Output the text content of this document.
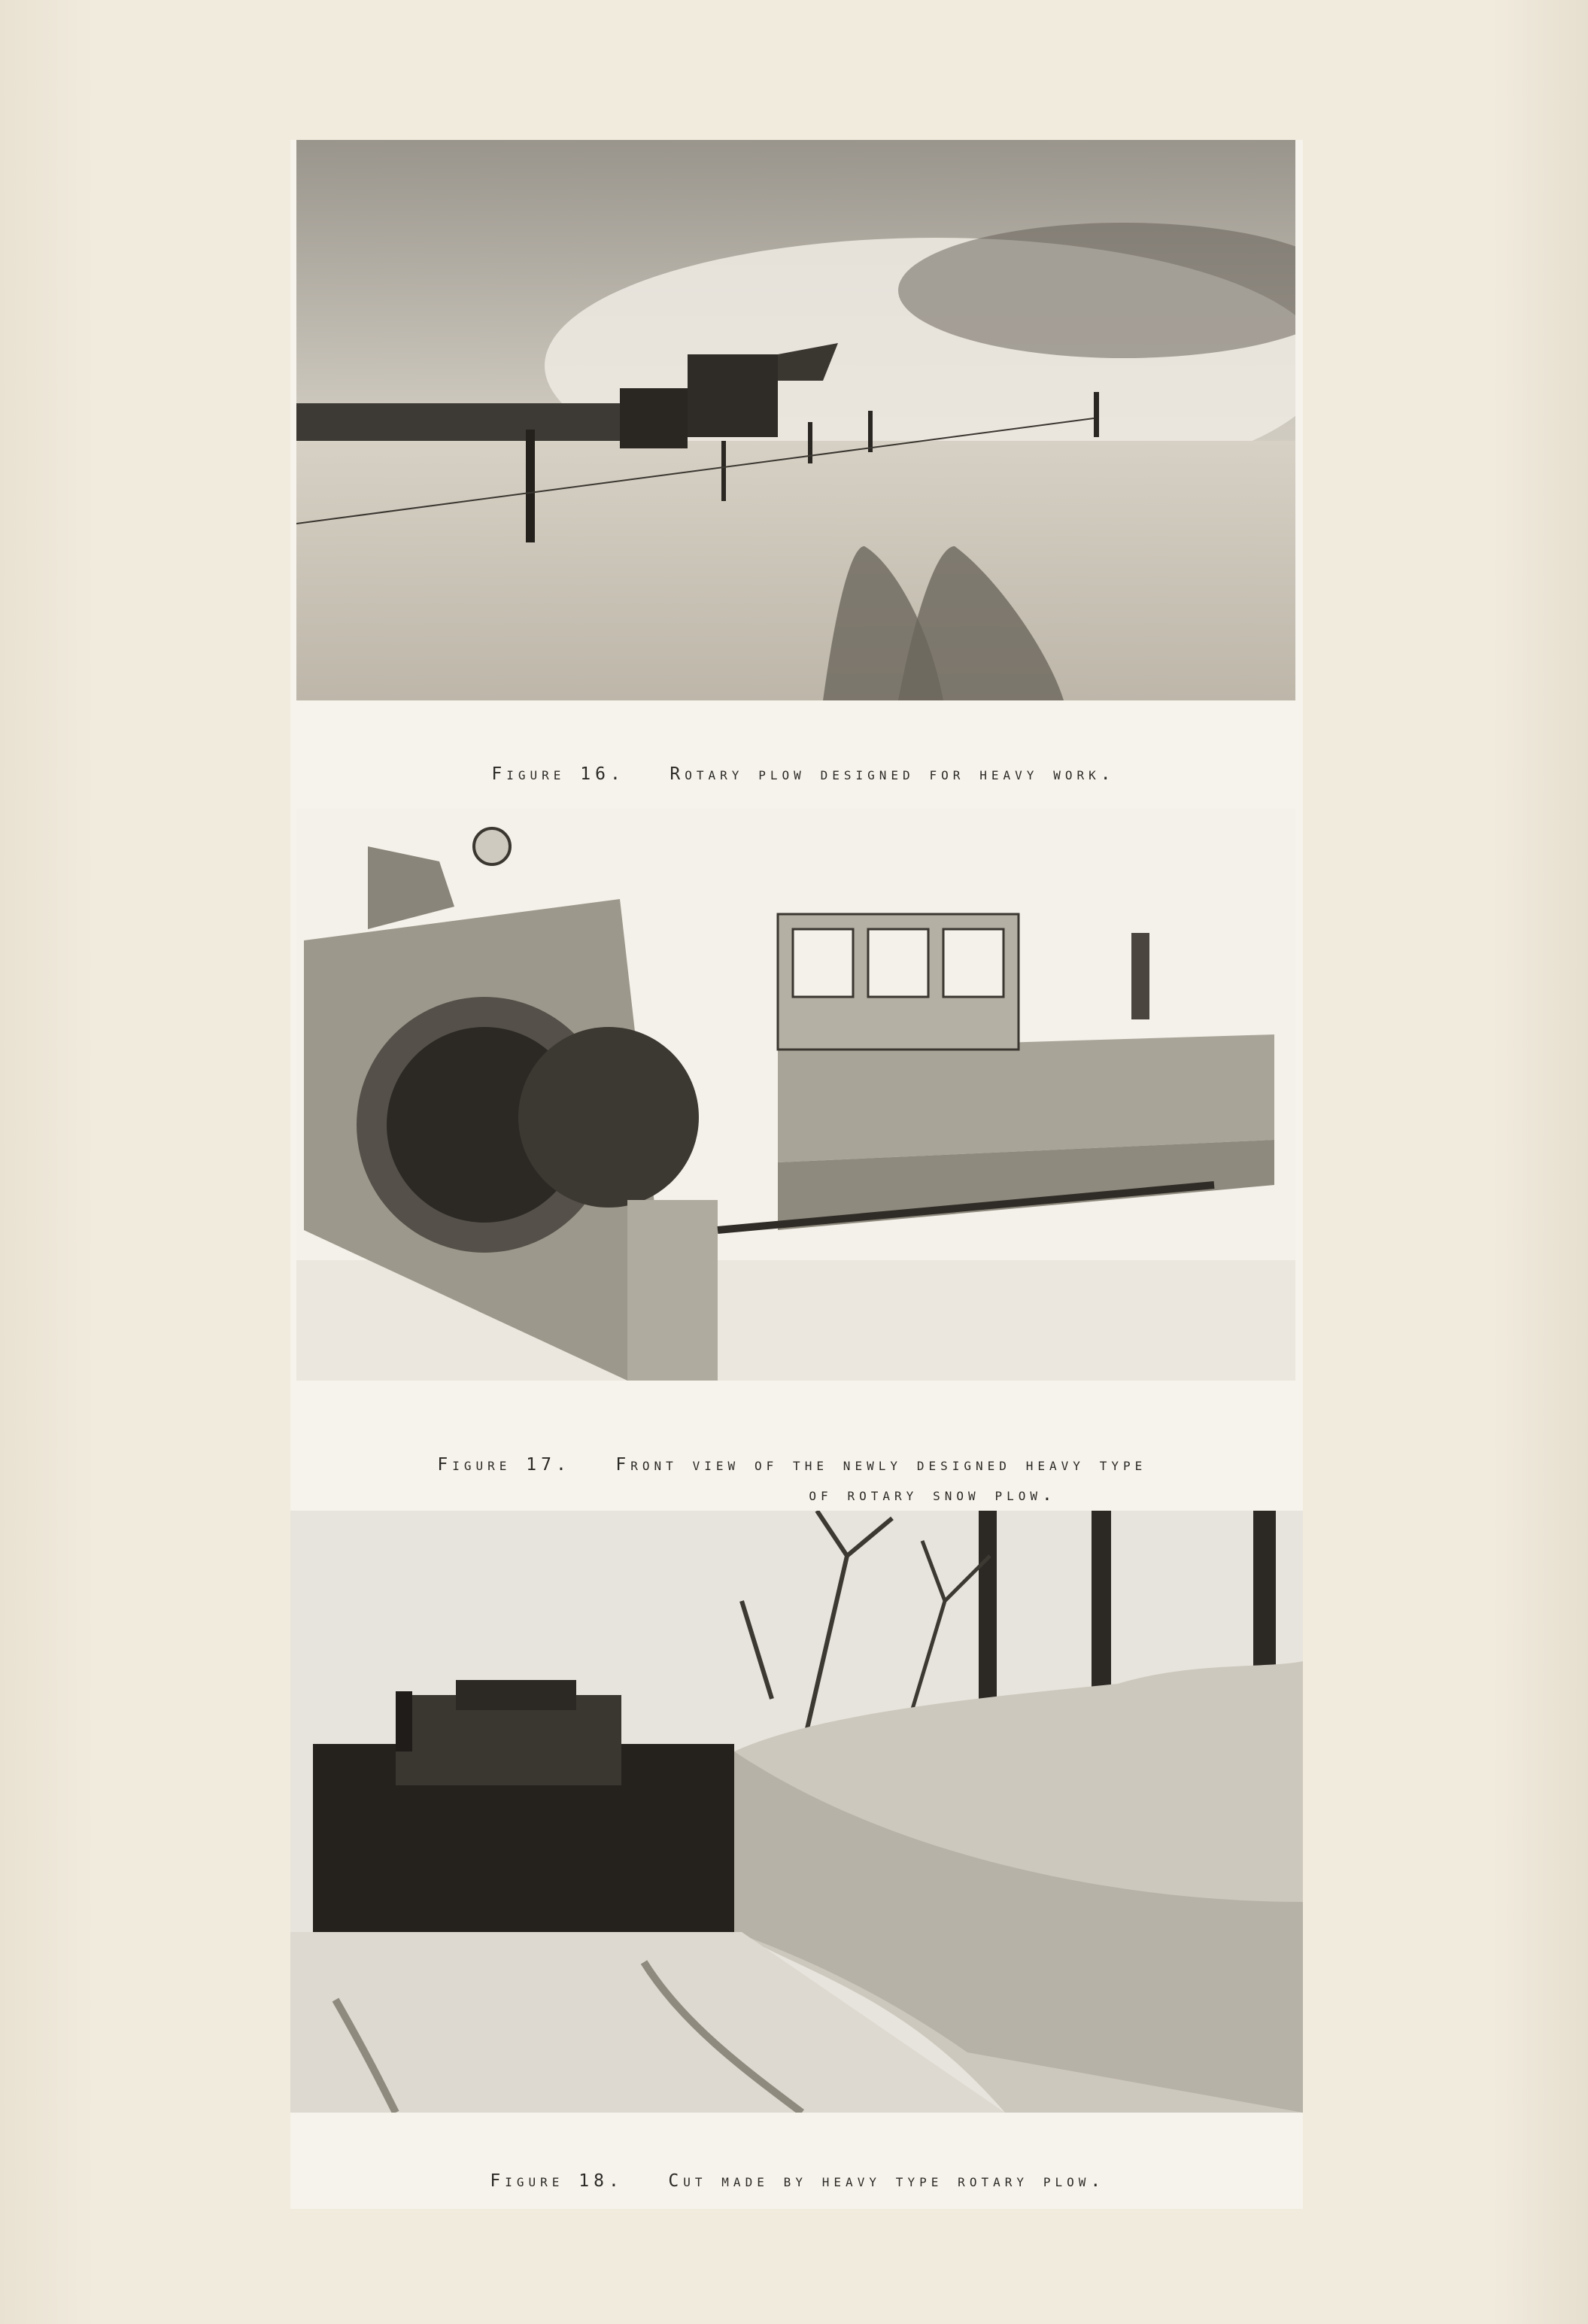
Figure 16.	Rotary plow designed for heavy work.

Figure 17.	Front view of the newly designed heavy type

of rotary snow plow.

Figure 18.	Cut made by heavy type rotary plow.
